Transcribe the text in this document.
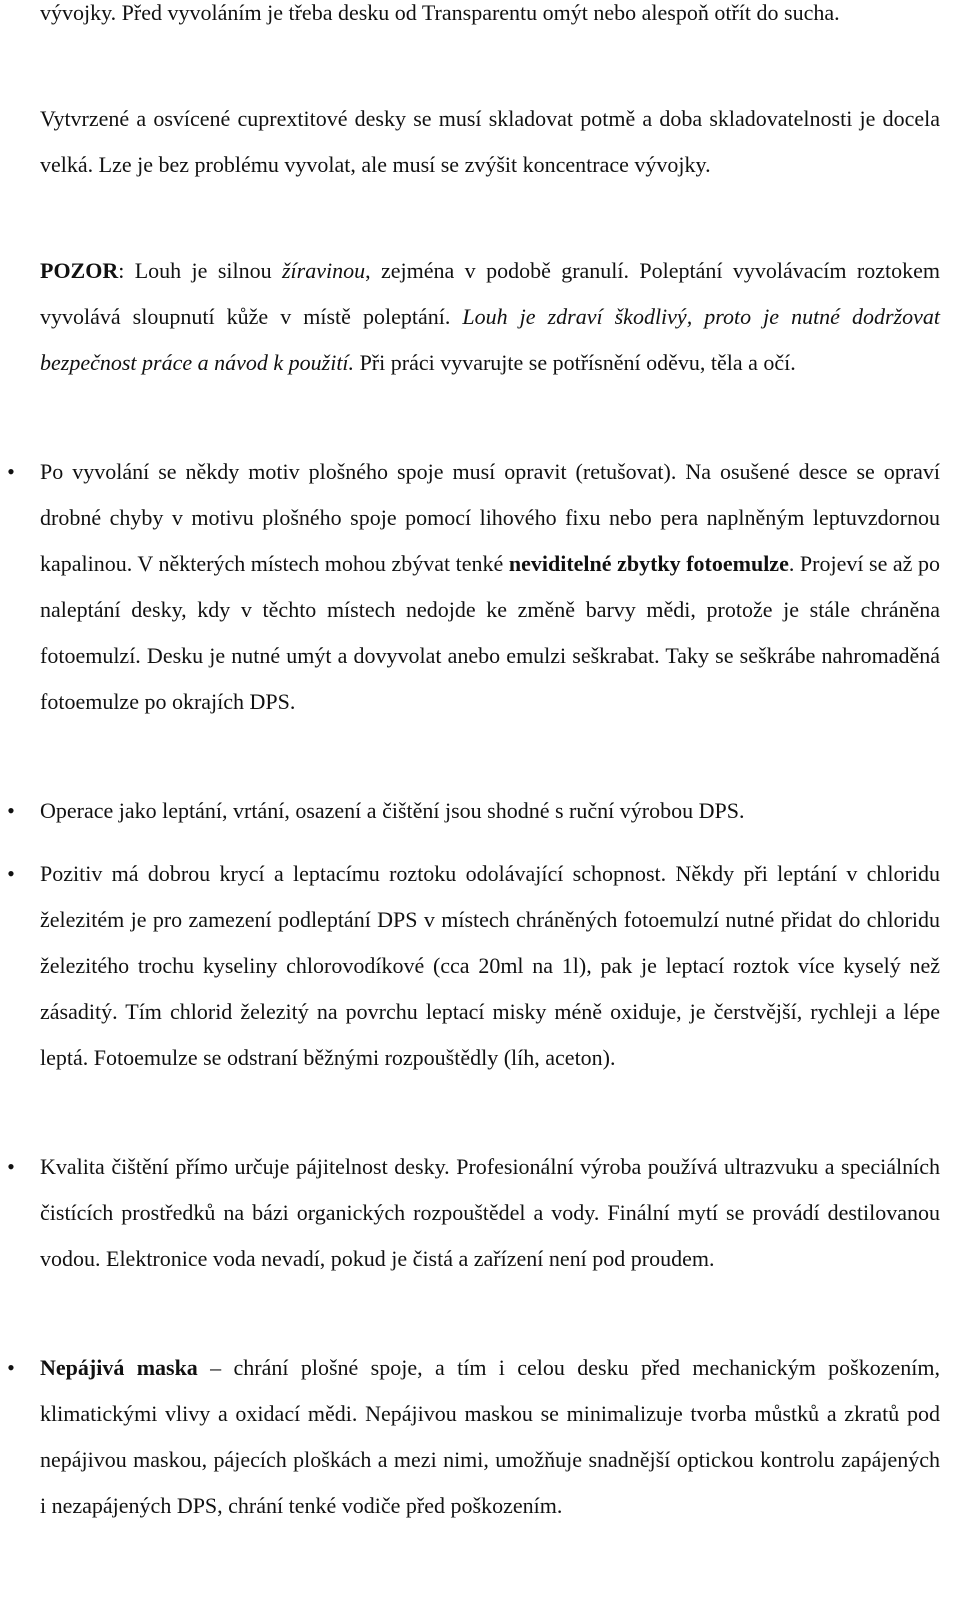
vývojky. Před vyvoláním je třeba desku od Transparentu omýt nebo alespoň otřít do sucha.

Vytvrzené a osvícené cuprextitové desky se musí skladovat potmě a doba skladovatelnosti je docela velká. Lze je bez problému vyvolat, ale musí se zvýšit koncentrace vývojky.

POZOR: Louh je silnou žíravinou, zejména v podobě granulí. Poleptání vyvolávacím roztokem vyvolává sloupnutí kůže v místě poleptání. Louh je zdraví škodlivý, proto je nutné dodržovat bezpečnost práce a návod k použití. Při práci vyvarujte se potřísnění oděvu, těla a očí.

•	Po vyvolání se někdy motiv plošného spoje musí opravit (retušovat). Na osušené desce se opraví drobné chyby v motivu plošného spoje pomocí lihového fixu nebo pera naplněným leptuvzdornou kapalinou. V některých místech mohou zbývat tenké neviditelné zbytky fotoemulze. Projeví se až po naleptání desky, kdy v těchto místech nedojde ke změně barvy mědi, protože je stále chráněna fotoemulzí. Desku je nutné umýt a dovyvolat anebo emulzi seškrabat. Taky se seškrábe nahromaděná fotoemulze po okrajích DPS.

•	Operace jako leptání, vrtání, osazení a čištění jsou shodné s ruční výrobou DPS.

•	Pozitiv má dobrou krycí a leptacímu roztoku odolávající schopnost. Někdy při leptání v chloridu železitém je pro zamezení podleptání DPS v místech chráněných fotoemulzí nutné přidat do chloridu železitého trochu kyseliny chlorovodíkové (cca 20ml na 1l), pak je leptací roztok více kyselý než zásaditý. Tím chlorid železitý na povrchu leptací misky méně oxiduje, je čerstvější, rychleji a lépe leptá. Fotoemulze se odstraní běžnými rozpouštědly (líh, aceton).

•	Kvalita čištění přímo určuje pájitelnost desky. Profesionální výroba používá ultrazvuku a speciálních čistících prostředků na bázi organických rozpouštědel a vody. Finální mytí se provádí destilovanou vodou. Elektronice voda nevadí, pokud je čistá a zařízení není pod proudem.

•	Nepájivá maska – chrání plošné spoje, a tím i celou desku před mechanickým poškozením, klimatickými vlivy a oxidací mědi. Nepájivou maskou se minimalizuje tvorba můstků a zkratů pod nepájivou maskou, pájecích ploškách a mezi nimi, umožňuje snadnější optickou kontrolu zapájených i nezapájených DPS, chrání tenké vodiče před poškozením.
